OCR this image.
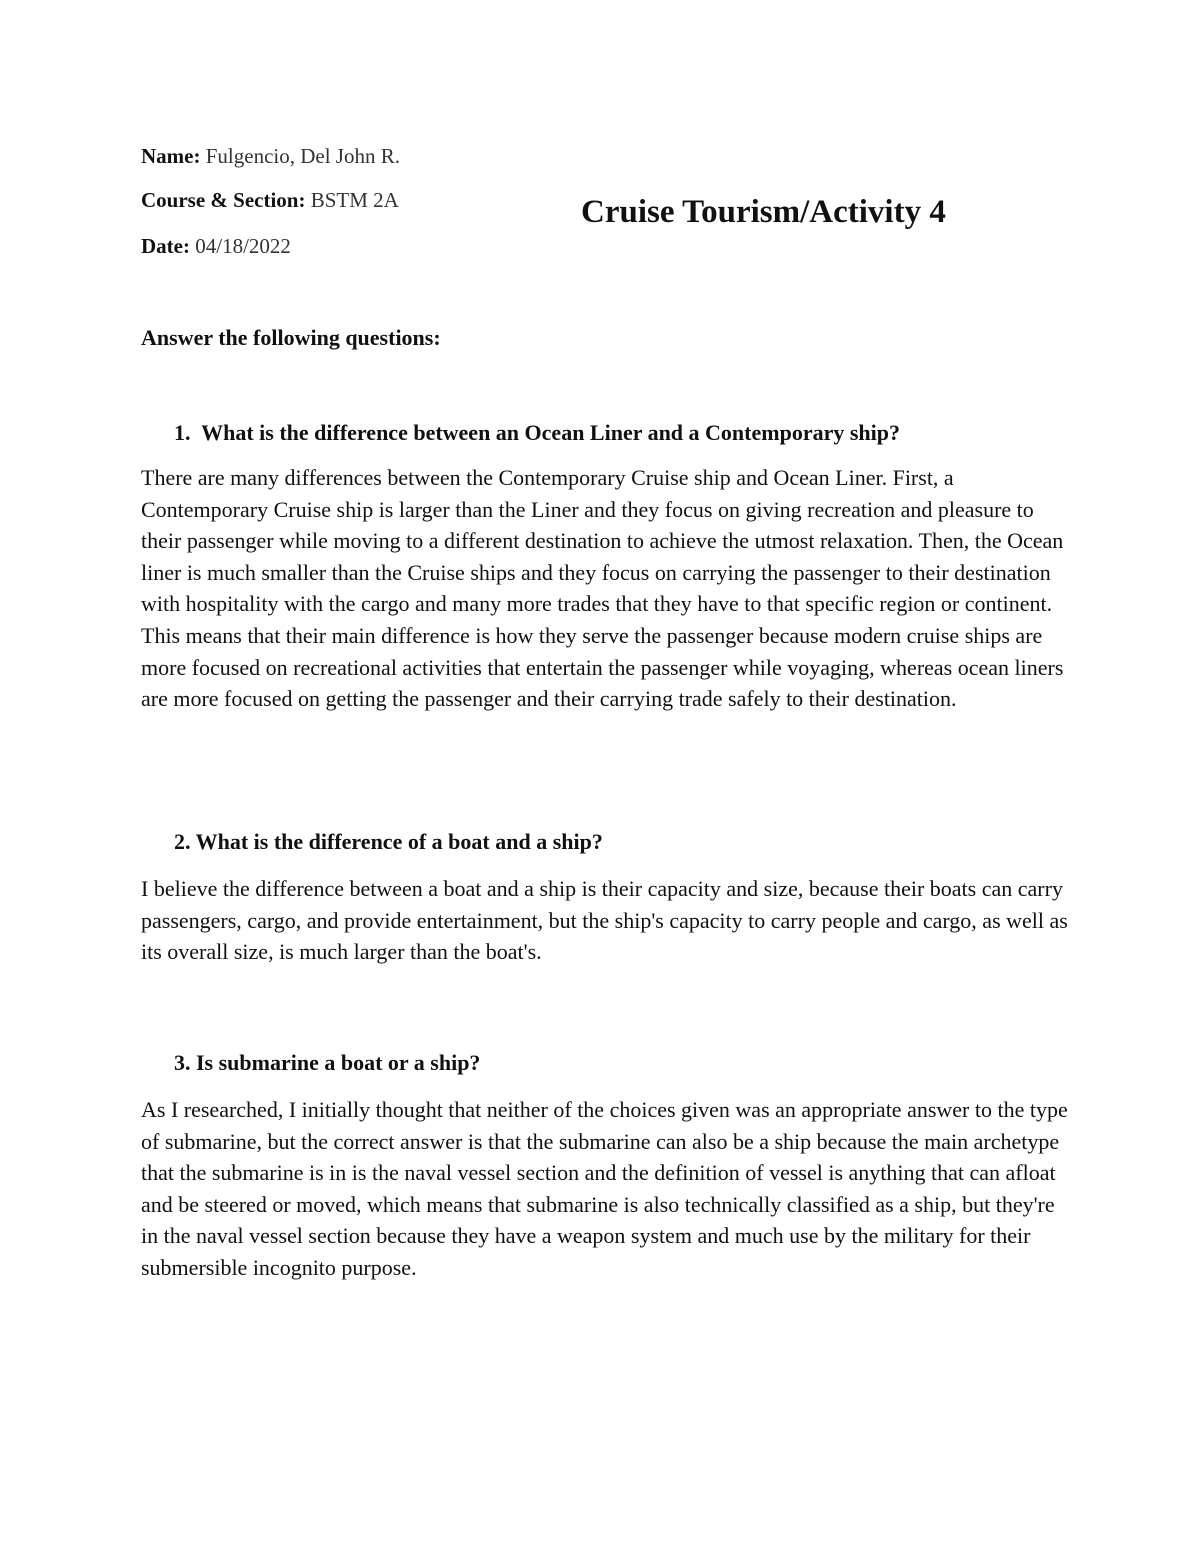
Name: Fulgencio, Del John R.
Course & Section: BSTM 2A
Date: 04/18/2022
Cruise Tourism/Activity 4
Answer the following questions:
1. What is the difference between an Ocean Liner and a Contemporary ship?

There are many differences between the Contemporary Cruise ship and Ocean Liner. First, a Contemporary Cruise ship is larger than the Liner and they focus on giving recreation and pleasure to their passenger while moving to a different destination to achieve the utmost relaxation. Then, the Ocean liner is much smaller than the Cruise ships and they focus on carrying the passenger to their destination with hospitality with the cargo and many more trades that they have to that specific region or continent. This means that their main difference is how they serve the passenger because modern cruise ships are more focused on recreational activities that entertain the passenger while voyaging, whereas ocean liners are more focused on getting the passenger and their carrying trade safely to their destination.

2. What is the difference of a boat and a ship?

I believe the difference between a boat and a ship is their capacity and size, because their boats can carry passengers, cargo, and provide entertainment, but the ship's capacity to carry people and cargo, as well as its overall size, is much larger than the boat's.

3. Is submarine a boat or a ship?

As I researched, I initially thought that neither of the choices given was an appropriate answer to the type of submarine, but the correct answer is that the submarine can also be a ship because the main archetype that the submarine is in is the naval vessel section and the definition of vessel is anything that can afloat and be steered or moved, which means that submarine is also technically classified as a ship, but they're in the naval vessel section because they have a weapon system and much use by the military for their submersible incognito purpose.
